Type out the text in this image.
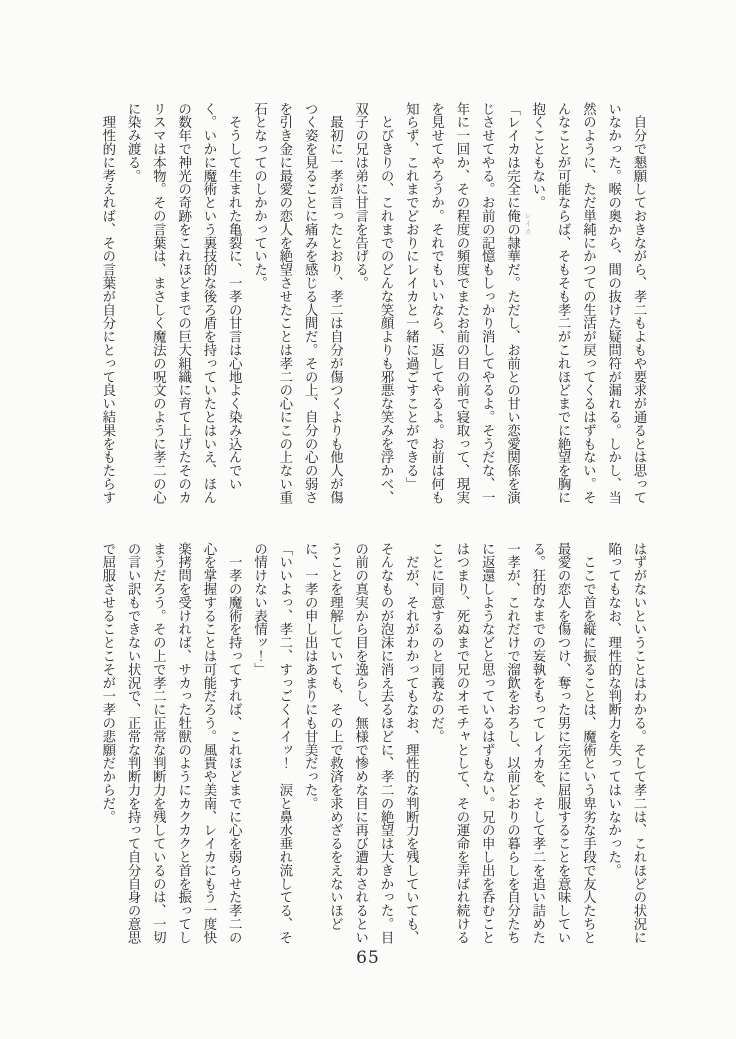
　自分で懇願しておきながら、孝二もよもや要求が通るとは思っていなかった。喉の奥から、間の抜けた疑問符が漏れる。しかし、当然のように、ただ単純にかつての生活が戻ってくるはずもない。そんなことが可能ならば、そもそも孝二がこれほどまでに絶望を胸に抱くこともない。

「レイカは完全に俺の隷華だ。ただし、お前との甘い恋愛関係を演じさせてやる。お前の記憶もしっかり消してやるよ。そうだな、一年に一回か、その程度の頻度でまたお前の目の前で寝取って、現実を見せてやろうか。それでもいいなら、返してやるよ。お前は何も知らず、これまでどおりにレイカと一緒に過ごすことができる」

　とびきりの、これまでのどんな笑顔よりも邪悪な笑みを浮かべ、双子の兄は弟に甘言を告げる。

　最初に一孝が言ったとおり、孝二は自分が傷つくよりも他人が傷つく姿を見ることに痛みを感じる人間だ。その上、自分の心の弱さを引き金に最愛の恋人を絶望させたことは孝二の心にこの上ない重石となってのしかかっていた。

　そうして生まれた亀裂に、一孝の甘言は心地よく染み込んでいく。いかに魔術という裏技的な後ろ盾を持っていたとはいえ、ほんの数年で神光の奇跡をこれほどまでの巨大組織に育て上げたそのカリスマは本物。その言葉は、まさしく魔法の呪文のように孝二の心に染み渡る。

　理性的に考えれば、その言葉が自分にとって良い結果をもたらす

はずがないということはわかる。そして孝二は、これほどの状況に陥ってもなお、理性的な判断力を失ってはいなかった。

　ここで首を縦に振ることは、魔術という卑劣な手段で友人たちと最愛の恋人を傷つけ、奪った男に完全に屈服することを意味している。狂的なまでの妄執をもってレイカを、そして孝二を追い詰めた一孝が、これだけで溜飲をおろし、以前どおりの暮らしを自分たちに返還しようなどと思っているはずもない。兄の申し出を呑むことはつまり、死ぬまで兄のオモチャとして、その運命を弄ばれ続けることに同意するのと同義なのだ。

　だが、それがわかってもなお、理性的な判断力を残していても、そんなものが泡沫に消え去るほどに、孝二の絶望は大きかった。目の前の真実から目を逸らし、無様で惨めな目に再び遭わされるということを理解していても、その上で救済を求めざるをえないほどに、一孝の申し出はあまりにも甘美だった。

「いいよっ、孝二、すっごくイイッ！　涙と鼻水垂れ流してる、その情けない表情ッ！」

　一孝の魔術を持ってすれば、これほどまでに心を弱らせた孝二の心を掌握することは可能だろう。風貴や美南、レイカにもう一度快楽拷問を受ければ、サカった牡獣のようにカクカクと首を振ってしまうだろう。その上で孝二に正常な判断力を残しているのは、一切の言い訳もできない状況で、正常な判断力を持って自分自身の意思で屈服させることこそが一孝の悲願だからだ。

レイカ
65
